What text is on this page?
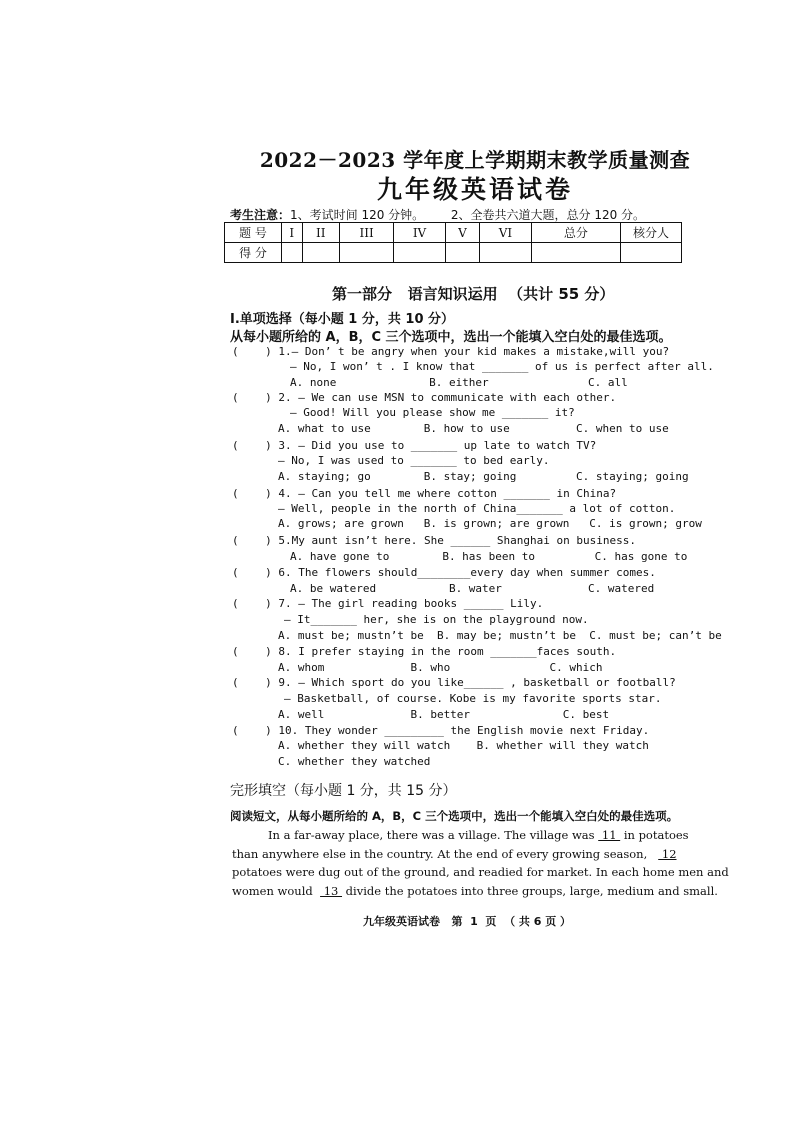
2022－2023 学年度上学期期末教学质量测查
九年级英语试卷
考生注意：1、考试时间 120 分钟。 2、全卷共六道大题，总分 120 分。
题 号	I	II	III	IV	V	VI	总分	核分人
得 分								
第一部分   语言知识运用  （共计 55 分）
I.单项选择（每小题 1 分，共 10 分）
从每小题所给的 A，B，C 三个选项中，选出一个能填入空白处的最佳选项。
(    ) 1.— Don’ t be angry when your kid makes a mistake,will you?
— No, I won’ t . I know that _______ of us is perfect after all.
A. none              B. either               C. all
(    ) 2. — We can use MSN to communicate with each other.
— Good! Will you please show me _______ it?
A. what to use        B. how to use          C. when to use
(    ) 3. — Did you use to _______ up late to watch TV?
— No, I was used to _______ to bed early.
A. staying; go        B. stay; going         C. staying; going
(    ) 4. — Can you tell me where cotton _______ in China?
— Well, people in the north of China_______ a lot of cotton.
A. grows; are grown   B. is grown; are grown   C. is grown; grow
(    ) 5.My aunt isn’t here. She ______ Shanghai on business.
A. have gone to        B. has been to         C. has gone to
(    ) 6. The flowers should________every day when summer comes.
A. be watered           B. water             C. watered
(    ) 7. — The girl reading books ______ Lily.
— It_______ her, she is on the playground now.
A. must be; mustn’t be  B. may be; mustn’t be  C. must be; can’t be
(    ) 8. I prefer staying in the room _______faces south.
A. whom             B. who               C. which
(    ) 9. — Which sport do you like______ , basketball or football?
— Basketball, of course. Kobe is my favorite sports star.
A. well             B. better              C. best
(    ) 10. They wonder _________ the English movie next Friday.
A. whether they will watch    B. whether will they watch
C. whether they watched
完形填空（每小题 1 分，共 15 分）
阅读短文，从每小题所给的 A，B，C 三个选项中，选出一个能填入空白处的最佳选项。
In a far-away place, there was a village. The village was  11  in potatoes
than anywhere else in the country. At the end of every growing season,    12
potatoes were dug out of the ground, and readied for market. In each home men and
women would   13  divide the potatoes into three groups, large, medium and small.
九年级英语试卷   第  1  页  （ 共 6 页 ）
